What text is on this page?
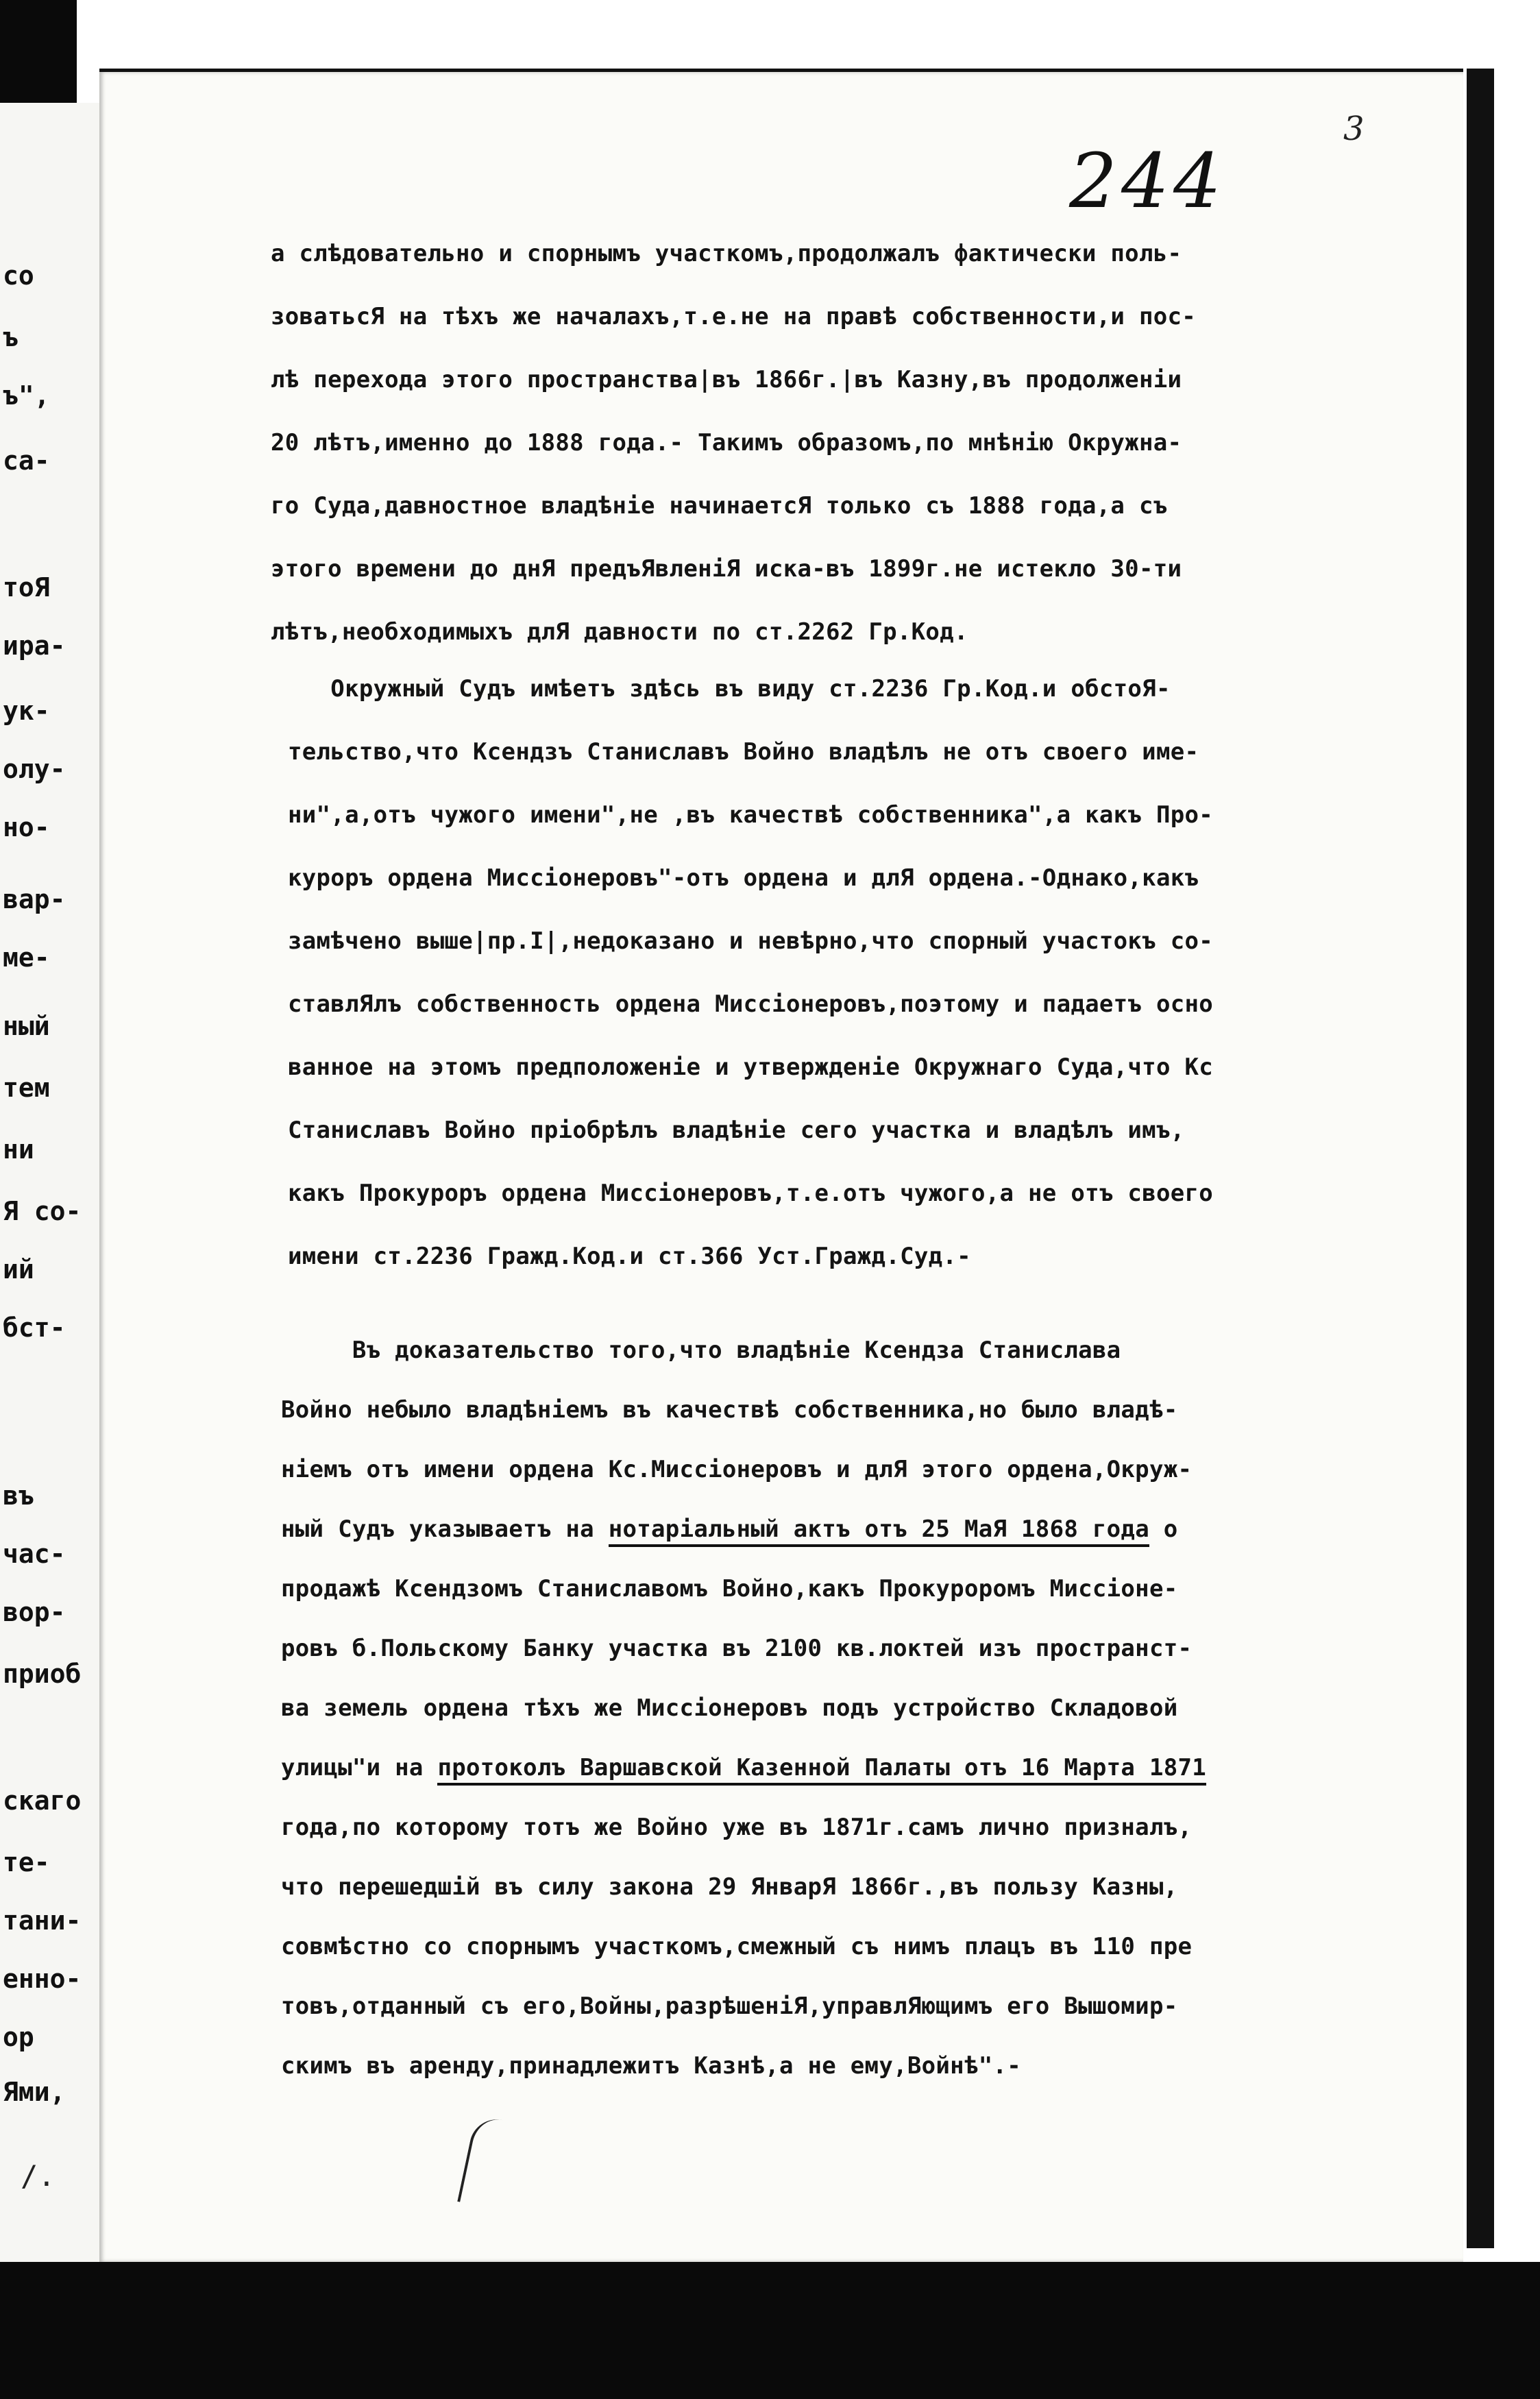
со
ъ
ъ",
са-
тоЯ
ира-
ук-
олу-
но-
вар-
ме-
ный
тем
ни
Я со-
ий
бст-
въ
час-
вор-
приоб
скаго
те-
тани-
енно-
ор
Ями,
/.
244
3
а слѣдовательно и спорнымъ участкомъ,продолжалъ фактически поль-
зоватьсЯ на тѣхъ же началахъ,т.е.не на правѣ собственности,и пос-
лѣ перехода этого пространства|въ 1866г.|въ Казну,въ продолженіи
20 лѣтъ,именно до 1888 года.- Такимъ образомъ,по мнѣнію Окружна-
го Суда,давностное владѣніе начинаетсЯ только съ 1888 года,а съ
этого времени до днЯ предъЯвленіЯ иска-въ 1899г.не истекло 30-ти
лѣтъ,необходимыхъ длЯ давности по ст.2262 Гр.Код.
Окружный Судъ имѣетъ здѣсь въ виду ст.2236 Гр.Код.и обстоЯ-
тельство,что Ксендзъ Станиславъ Войно владѣлъ не отъ своего име-
ни",а,отъ чужого имени",не ,въ качествѣ собственника",а какъ Про-
куроръ ордена Миссіонеровъ"-отъ ордена и длЯ ордена.-Однако,какъ
замѣчено выше|пр.I|,недоказано и невѣрно,что спорный участокъ со-
ставлЯлъ собственность ордена Миссіонеровъ,поэтому и падаетъ осно
ванное на этомъ предположеніе и утвержденіе Окружнаго Суда,что Кс
Станиславъ Войно пріобрѣлъ владѣніе сего участка и владѣлъ имъ,
какъ Прокуроръ ордена Миссіонеровъ,т.е.отъ чужого,а не отъ своего
имени ст.2236 Гражд.Код.и ст.366 Уст.Гражд.Суд.-
Въ доказательство того,что владѣніе Ксендза Станислава
Войно небыло владѣніемъ въ качествѣ собственника,но было владѣ-
ніемъ отъ имени ордена Кс.Миссіонеровъ и длЯ этого ордена,Окруж-
ный Судъ указываетъ на нотаріальный актъ отъ 25 МаЯ 1868 года о
продажѣ Ксендзомъ Станиславомъ Войно,какъ Прокуроромъ Миссіоне-
ровъ б.Польскому Банку участка въ 2100 кв.локтей изъ пространст-
ва земель ордена тѣхъ же Миссіонеровъ подъ устройство Складовой
улицы"и на протоколъ Варшавской Казенной Палаты отъ 16 Марта 1871
года,по которому тотъ же Войно уже въ 1871г.самъ лично призналъ,
что перешедшій въ силу закона 29 ЯнварЯ 1866г.,въ пользу Казны,
совмѣстно со спорнымъ участкомъ,смежный съ нимъ плацъ въ 110 пре
товъ,отданный съ его,Войны,разрѣшеніЯ,управлЯющимъ его Вышомир-
скимъ въ аренду,принадлежитъ Казнѣ,а не ему,Войнѣ".-
